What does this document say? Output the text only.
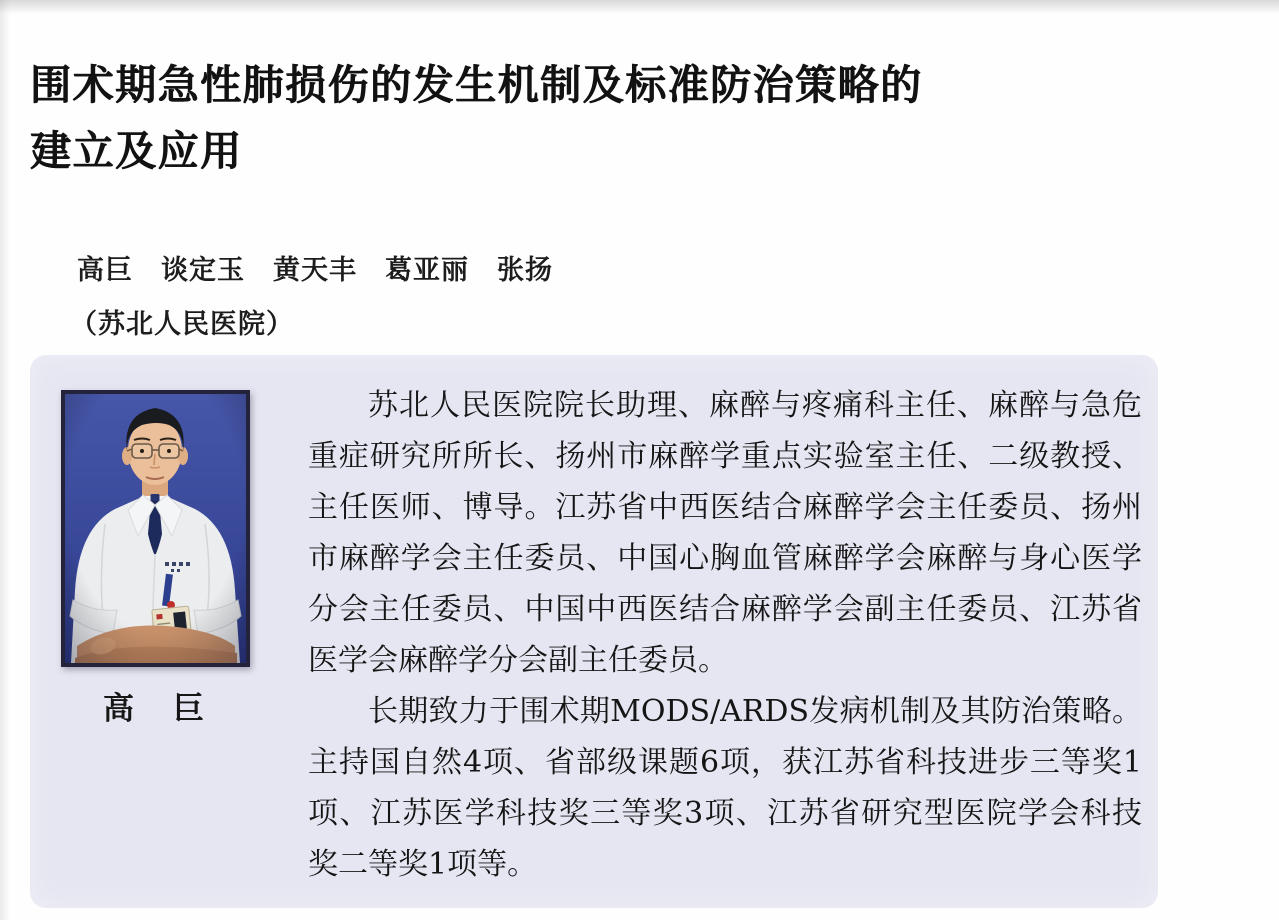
围术期急性肺损伤的发生机制及标准防治策略的
建立及应用
高巨　谈定玉　黄天丰　葛亚丽　张扬
（苏北人民医院）
高　巨
苏北人民医院院长助理、麻醉与疼痛科主任、麻醉与急危
重症研究所所长、扬州市麻醉学重点实验室主任、二级教授、
主任医师、博导。江苏省中西医结合麻醉学会主任委员、扬州
市麻醉学会主任委员、中国心胸血管麻醉学会麻醉与身心医学
分会主任委员、中国中西医结合麻醉学会副主任委员、江苏省
医学会麻醉学分会副主任委员。
长期致力于围术期MODS/ARDS发病机制及其防治策略。
主持国自然4项、省部级课题6项，获江苏省科技进步三等奖1
项、江苏医学科技奖三等奖3项、江苏省研究型医院学会科技
奖二等奖1项等。
